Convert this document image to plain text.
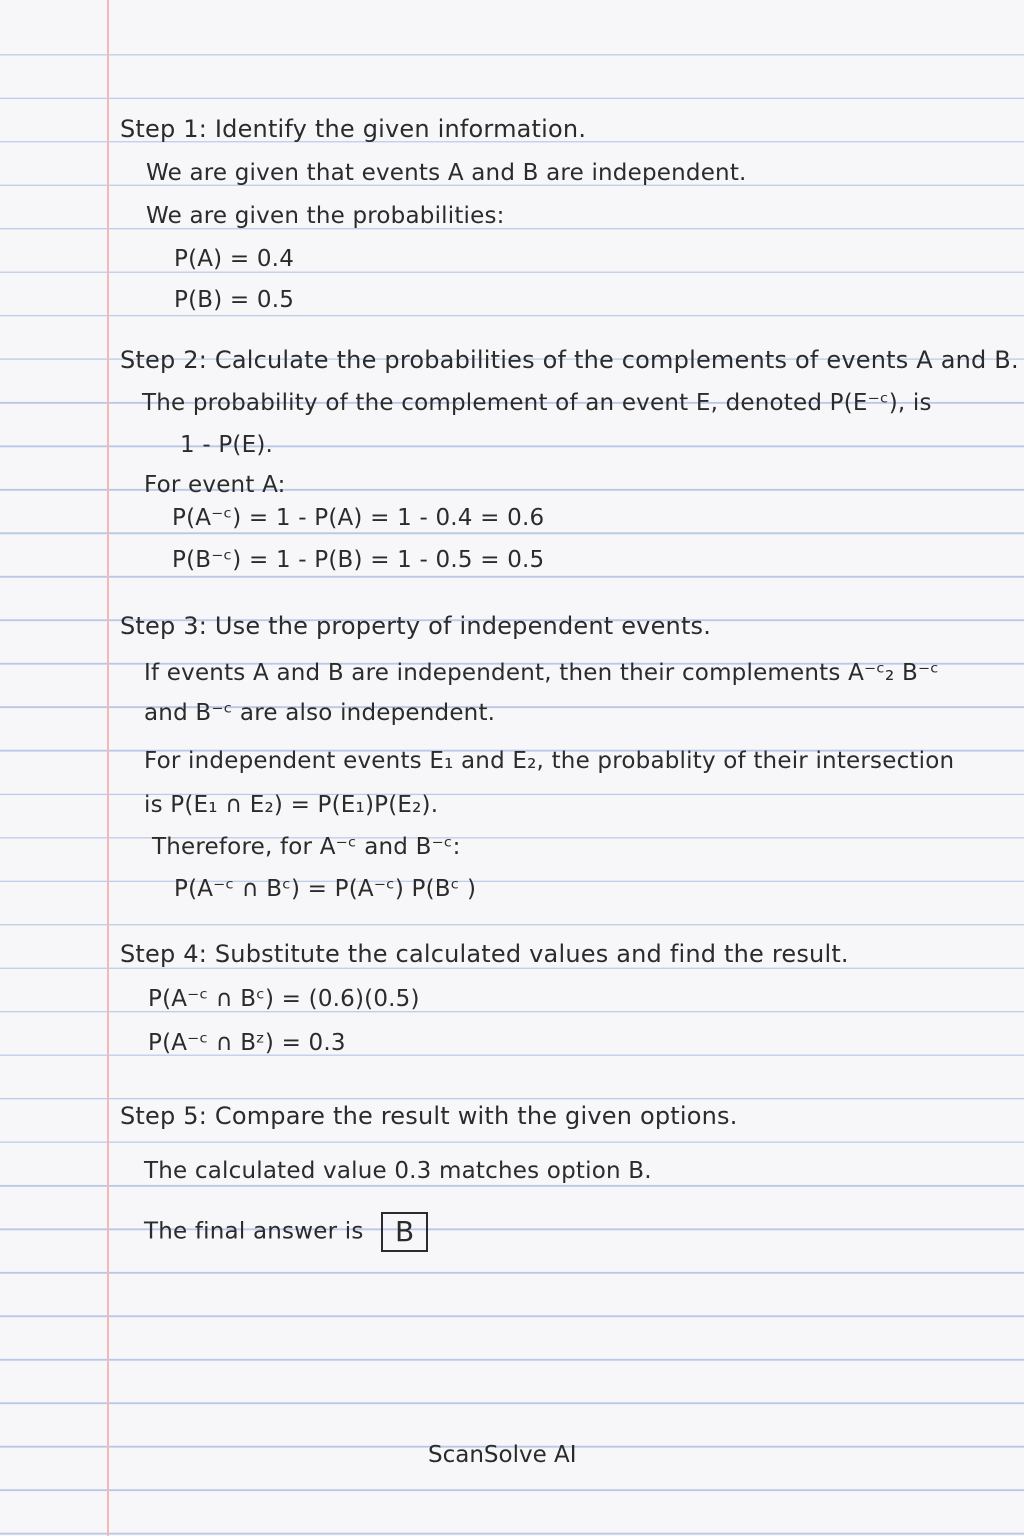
Step 1: Identify the given information.
We are given that events A and B are independent.
We are given the probabilities:
P(A) = 0.4
P(B) = 0.5
Step 2: Calculate the probabilities of the complements of events A and B.
The probability of the complement of an event E, denoted P(E⁻ᶜ), is
1 - P(E).
For event A:
P(A⁻ᶜ) = 1 - P(A) = 1 - 0.4 = 0.6
P(B⁻ᶜ) = 1 - P(B) = 1 - 0.5 = 0.5
Step 3: Use the property of independent events.
If events A and B are independent, then their complements A⁻ᶜ₂ B⁻ᶜ
and B⁻ᶜ are also independent.
For independent events E₁ and E₂, the probablity of their intersection
is P(E₁ ∩ E₂) = P(E₁)P(E₂).
Therefore, for A⁻ᶜ and B⁻ᶜ:
P(A⁻ᶜ ∩ Bᶜ) = P(A⁻ᶜ) P(Bᶜ )
Step 4: Substitute the calculated values and find the result.
P(A⁻ᶜ ∩ Bᶜ) = (0.6)(0.5)
P(A⁻ᶜ ∩ Bᶻ) = 0.3
Step 5: Compare the result with the given options.
The calculated value 0.3 matches option B.
The final answer is B
ScanSolve AI
